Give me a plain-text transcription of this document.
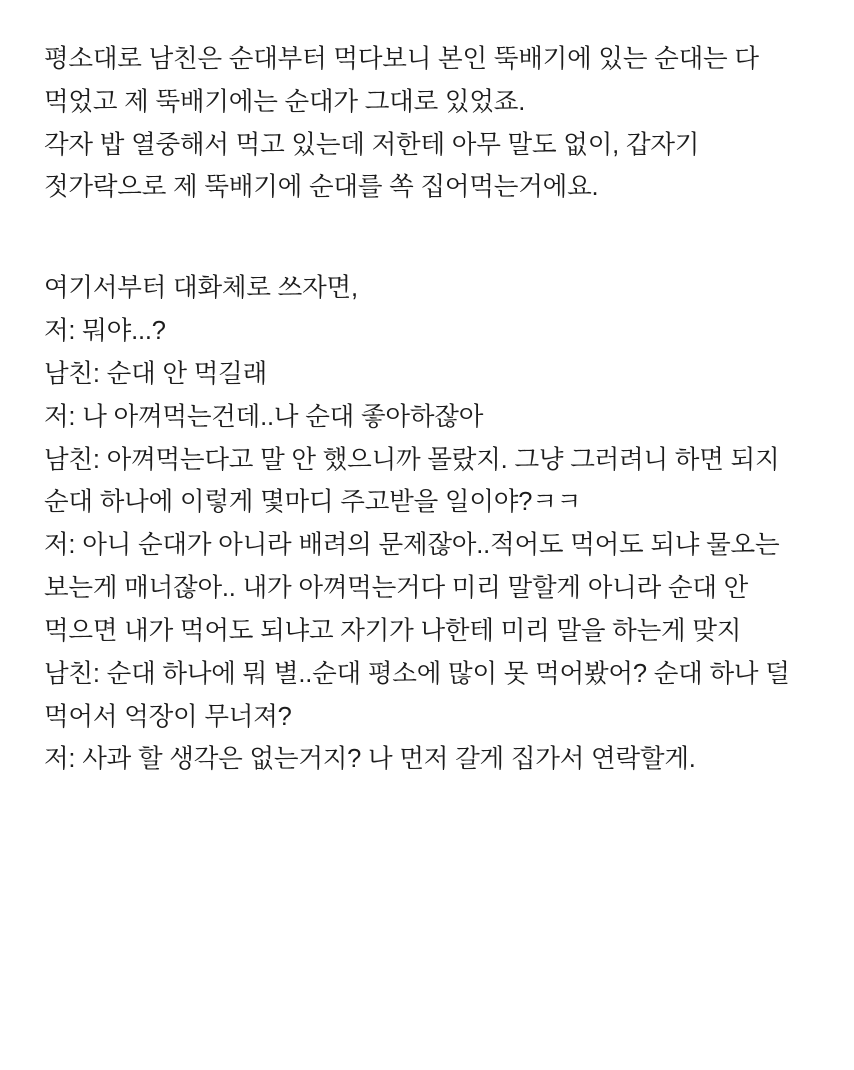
평소대로 남친은 순대부터 먹다보니 본인 뚝배기에 있는 순대는 다 먹었고 제 뚝배기에는 순대가 그대로 있었죠.

각자 밥 열중해서 먹고 있는데 저한테 아무 말도 없이, 갑자기 젓가락으로 제 뚝배기에 순대를 쏙 집어먹는거에요.

여기서부터 대화체로 쓰자면,

저: 뭐야...?

남친: 순대 안 먹길래

저: 나 아껴먹는건데..나 순대 좋아하잖아

남친: 아껴먹는다고 말 안 했으니까 몰랐지. 그냥 그러려니 하면 되지 순대 하나에 이렇게 몇마디 주고받을 일이야?ㅋㅋ

저: 아니 순대가 아니라 배려의 문제잖아..적어도 먹어도 되냐 물오는 보는게 매너잖아.. 내가 아껴먹는거다 미리 말할게 아니라 순대 안 먹으면 내가 먹어도 되냐고 자기가 나한테 미리 말을 하는게 맞지

남친: 순대 하나에 뭐 별..순대 평소에 많이 못 먹어봤어? 순대 하나 덜 먹어서 억장이 무너져?

저: 사과 할 생각은 없는거지? 나 먼저 갈게 집가서 연락할게.
